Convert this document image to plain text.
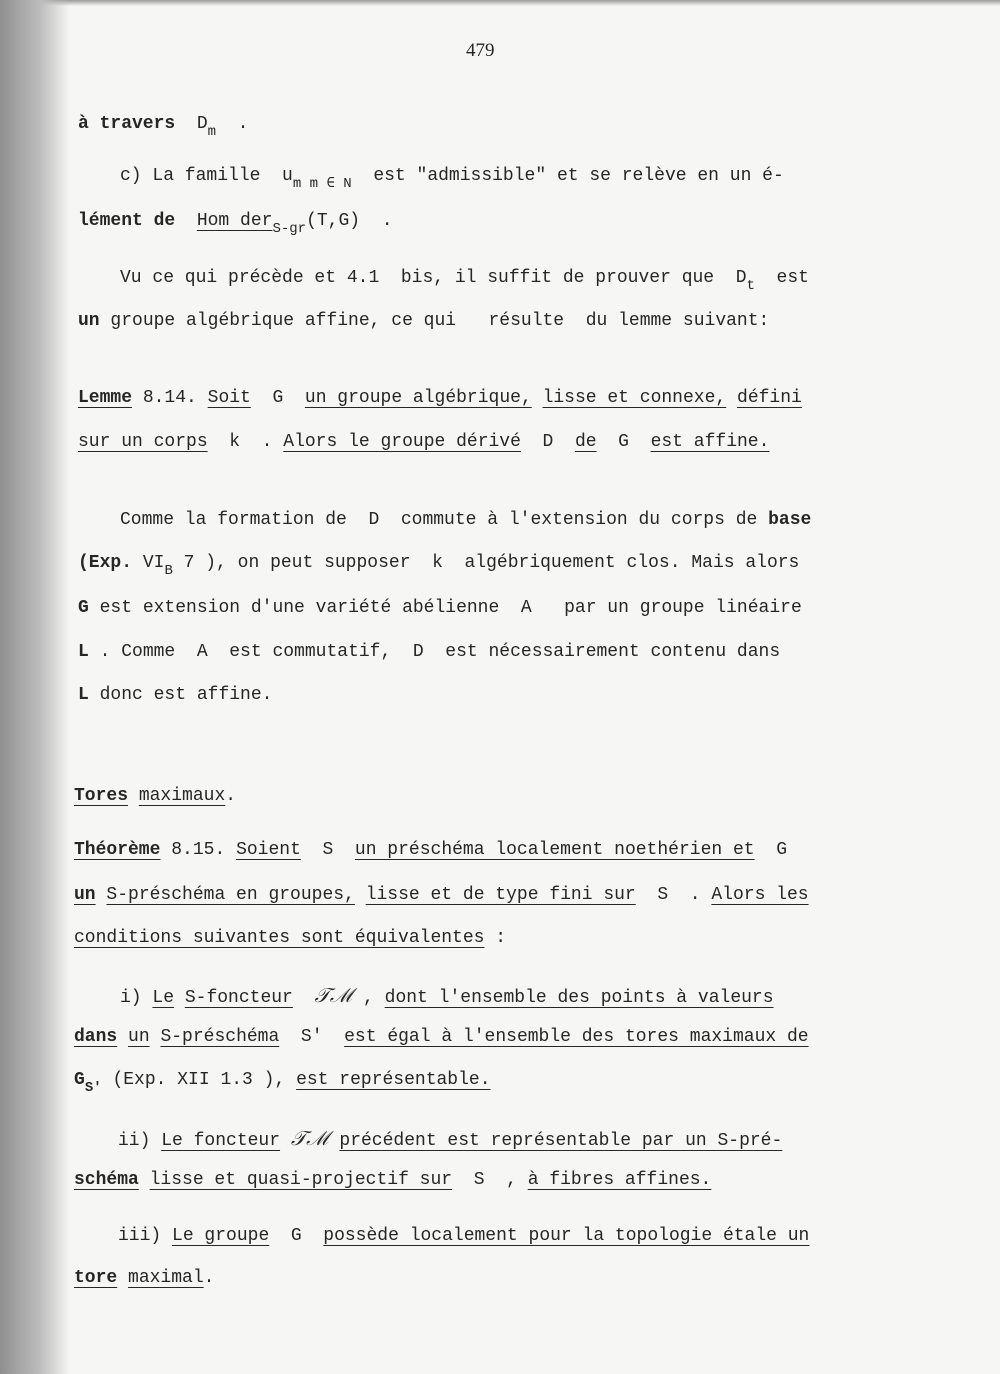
479
à travers $D_m$ .
c) La famille $u_{m m \in N}$ est "admissible" et se relève en un é-
lément de Hom der$_{S-gr}$(T,G) .
Vu ce qui précède et 4.1  bis, il suffit de prouver que $D_t$ est
un groupe algébrique affine, ce qui   résulte  du lemme suivant:
Lemme 8.14. Soit G un groupe algébrique, lisse et connexe, défini
sur un corps k  . Alors le groupe dérivé D de G est affine.
Comme la formation de  D  commute à l'extension du corps de base
(Exp. $VI_B$ 7 ), on peut supposer  k  algébriquement clos. Mais alors
G est extension d'une variété abélienne  A   par un groupe linéaire
L . Comme  A  est commutatif,  D  est nécessairement contenu dans
L donc est affine.
Tores maximaux.
Théorème 8.15. Soient S un préschéma localement noethérien et G
un S-préschéma en groupes, lisse et de type fini sur S  . Alors les
conditions suivantes sont équivalentes :
i) Le S-foncteur 𝒯ℳ , dont l'ensemble des points à valeurs
dans un S-préschéma S' est égal à l'ensemble des tores maximaux de
$G_{S'}$ (Exp. XII 1.3 ), est représentable.
ii) Le foncteur 𝒯ℳ précédent est représentable par un S-pré-
schéma lisse et quasi-projectif sur S  , à fibres affines.
iii) Le groupe G possède localement pour la topologie étale un
tore maximal.
